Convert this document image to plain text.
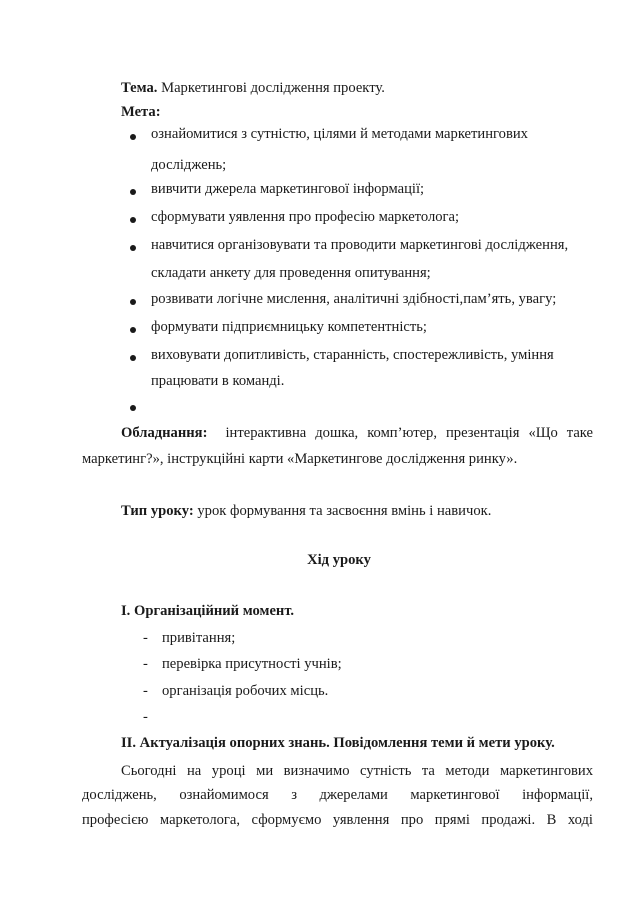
Тема. Маркетингові дослідження проекту.
Мета:
ознайомитися з сутністю, цілями й методами маркетингових
досліджень;
вивчити джерела маркетингової інформації;
сформувати уявлення про професію маркетолога;
навчитися організовувати та проводити маркетингові дослідження,
складати анкету для проведення опитування;
розвивати логічне мислення, аналітичні здібності,пам’ять, увагу;
формувати підприємницьку компетентність;
виховувати допитливість, старанність, спостережливість, уміння
працювати в команді.
Обладнання: інтерактивна дошка, комп’ютер, презентація «Що таке
маркетинг?», інструкційні карти «Маркетингове дослідження ринку».
Тип уроку: урок формування та засвоєння вмінь і навичок.
Хід уроку
I. Організаційний момент.
- привітання;
- перевірка присутності учнів;
- організація робочих місць.
-
II. Актуалізація опорних знань. Повідомлення теми й мети уроку.
Сьогодні на уроці ми визначимо сутність та методи маркетингових
досліджень, ознайомимося з джерелами маркетингової інформації,
професією маркетолога, сформуємо уявлення про прямі продажі. В ході
